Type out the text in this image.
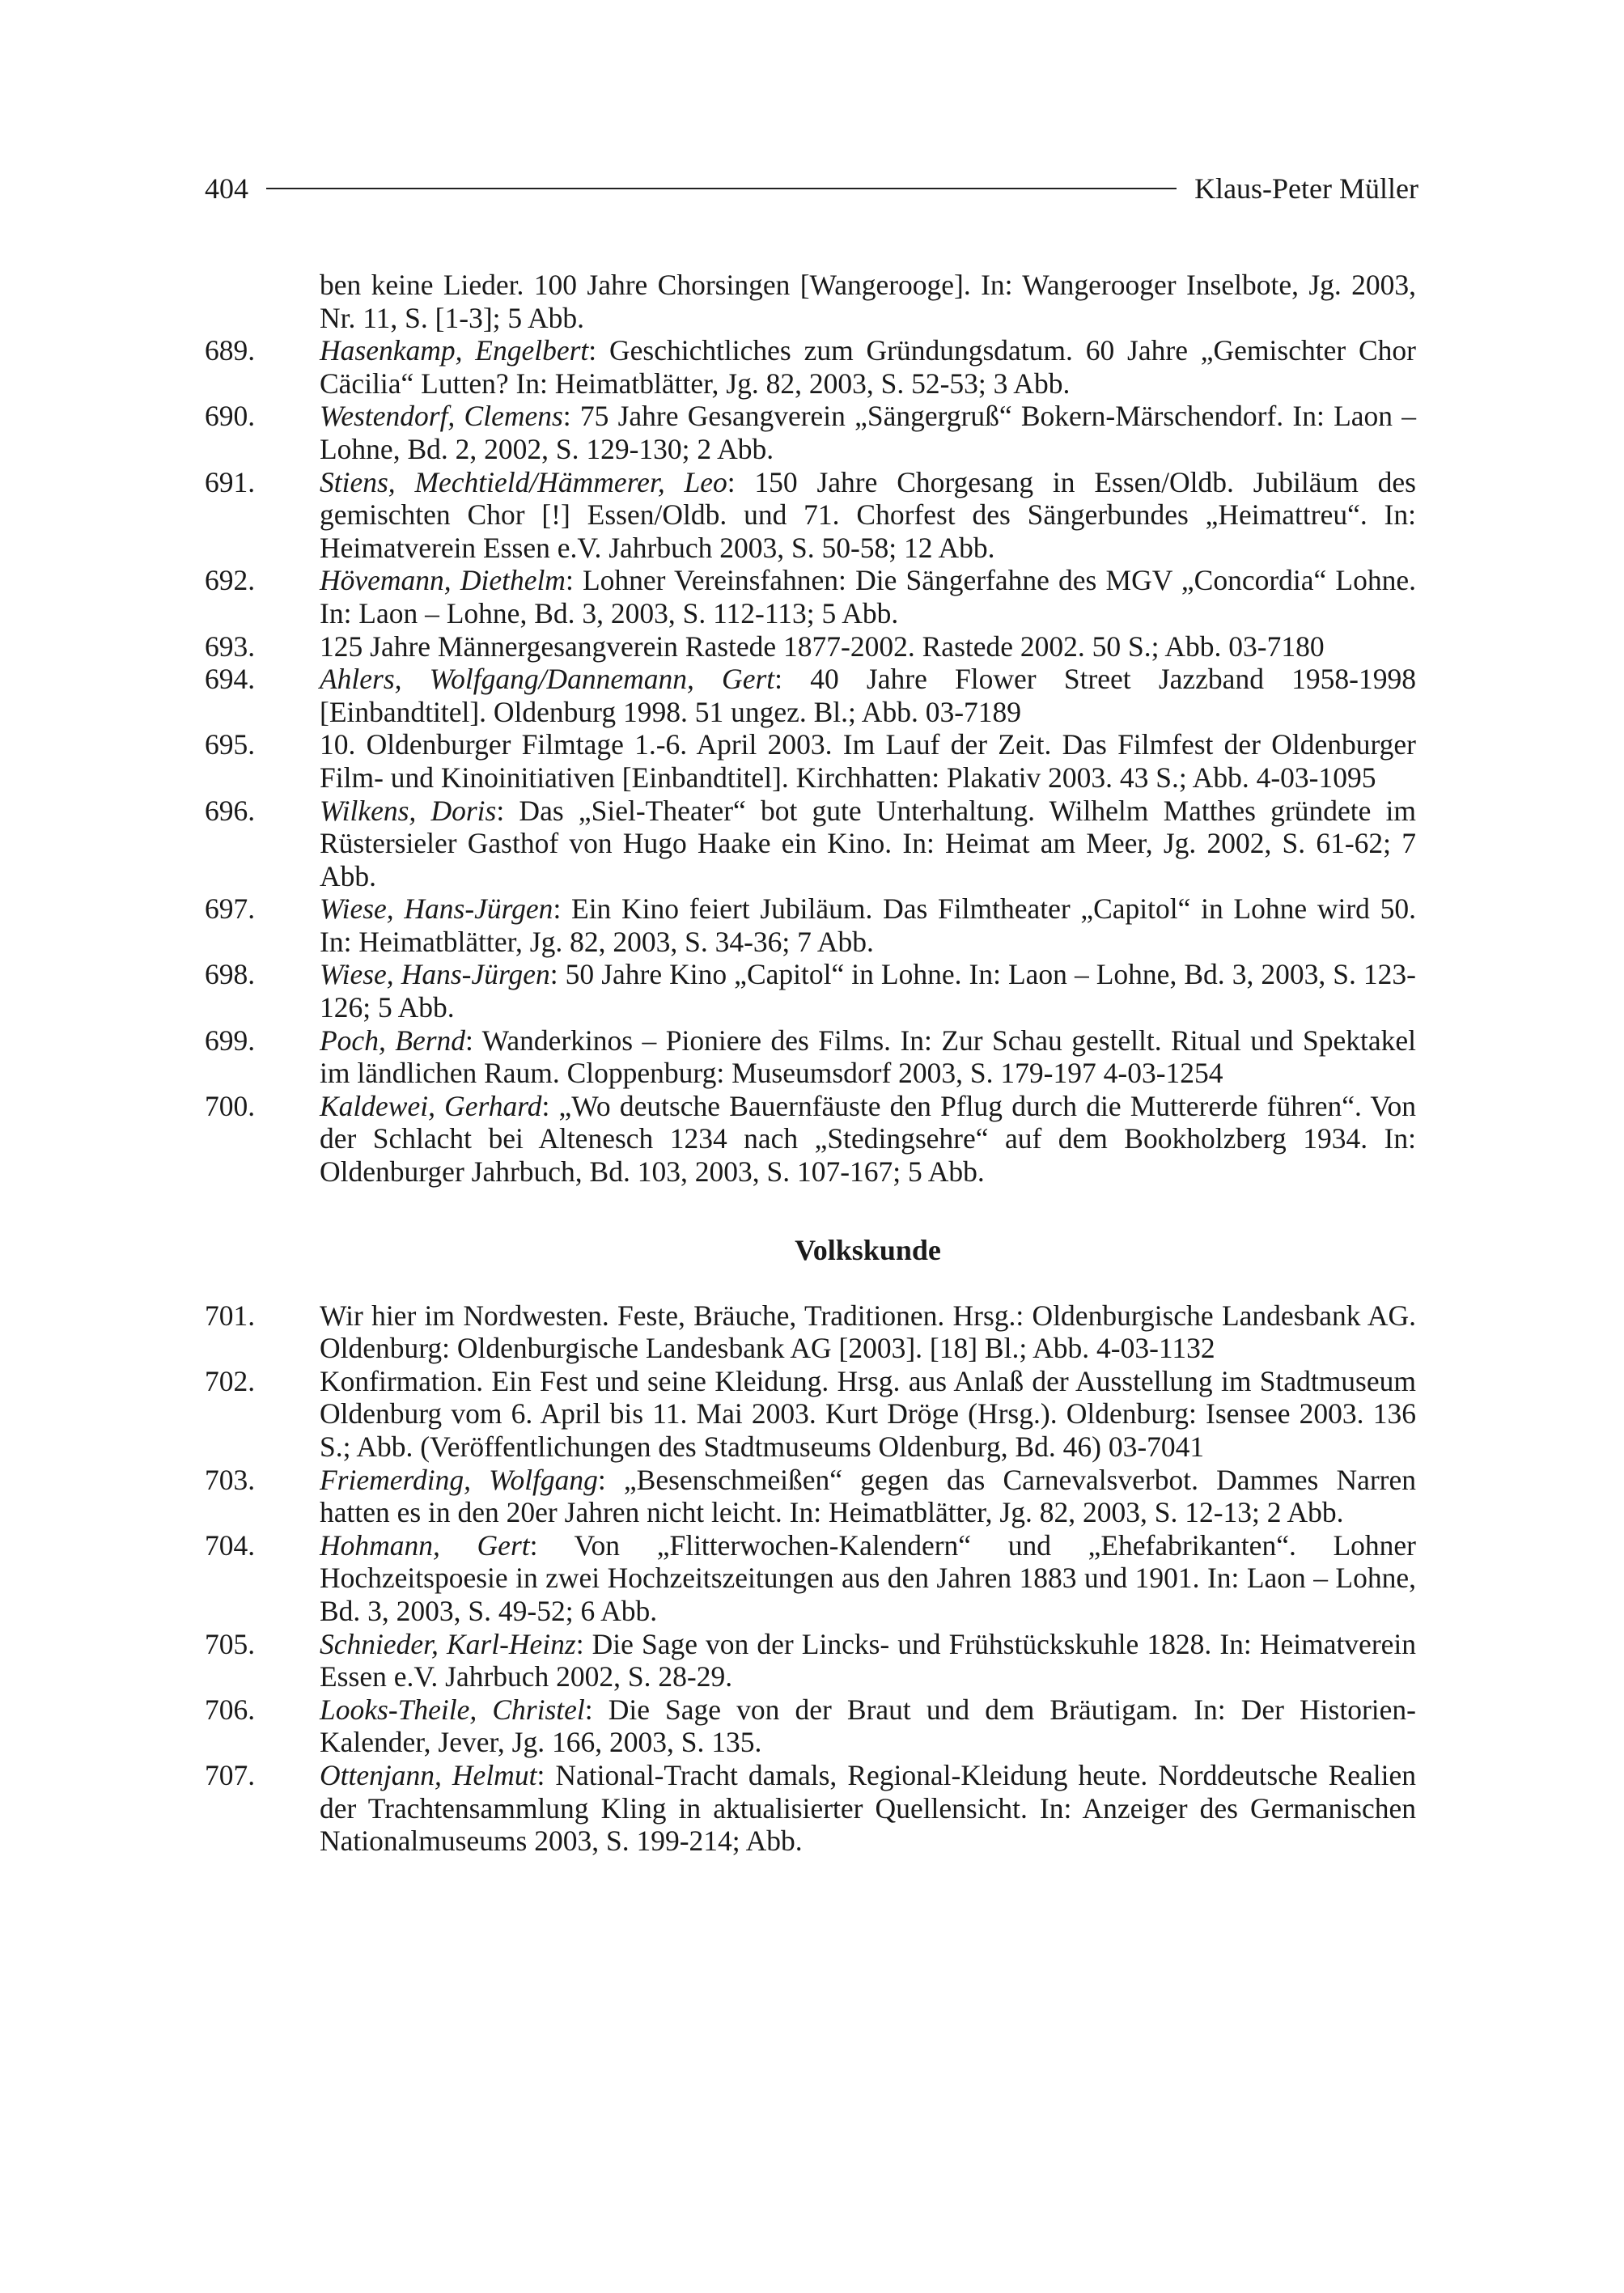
404	Klaus-Peter Müller
ben keine Lieder. 100 Jahre Chorsingen [Wangerooge]. In: Wangerooger Inselbote, Jg. 2003, Nr. 11, S. [1-3]; 5 Abb.
689. Hasenkamp, Engelbert: Geschichtliches zum Gründungsdatum. 60 Jahre „Gemischter Chor Cäcilia“ Lutten? In: Heimatblätter, Jg. 82, 2003, S. 52-53; 3 Abb.
690. Westendorf, Clemens: 75 Jahre Gesangverein „Sängergruß“ Bokern-Märschendorf. In: Laon – Lohne, Bd. 2, 2002, S. 129-130; 2 Abb.
691. Stiens, Mechtield/Hämmerer, Leo: 150 Jahre Chorgesang in Essen/Oldb. Jubiläum des gemischten Chor [!] Essen/Oldb. und 71. Chorfest des Sängerbundes „Heimattreu“. In: Heimatverein Essen e.V. Jahrbuch 2003, S. 50-58; 12 Abb.
692. Hövemann, Diethelm: Lohner Vereinsfahnen: Die Sängerfahne des MGV „Concordia“ Lohne. In: Laon – Lohne, Bd. 3, 2003, S. 112-113; 5 Abb.
693. 125 Jahre Männergesangverein Rastede 1877-2002. Rastede 2002. 50 S.; Abb. 03-7180
694. Ahlers, Wolfgang/Dannemann, Gert: 40 Jahre Flower Street Jazzband 1958-1998 [Einbandtitel]. Oldenburg 1998. 51 ungez. Bl.; Abb. 03-7189
695. 10. Oldenburger Filmtage 1.-6. April 2003. Im Lauf der Zeit. Das Filmfest der Oldenburger Film- und Kinoinitiativen [Einbandtitel]. Kirchhatten: Plakativ 2003. 43 S.; Abb. 4-03-1095
696. Wilkens, Doris: Das „Siel-Theater“ bot gute Unterhaltung. Wilhelm Matthes gründete im Rüstersieler Gasthof von Hugo Haake ein Kino. In: Heimat am Meer, Jg. 2002, S. 61-62; 7 Abb.
697. Wiese, Hans-Jürgen: Ein Kino feiert Jubiläum. Das Filmtheater „Capitol“ in Lohne wird 50. In: Heimatblätter, Jg. 82, 2003, S. 34-36; 7 Abb.
698. Wiese, Hans-Jürgen: 50 Jahre Kino „Capitol“ in Lohne. In: Laon – Lohne, Bd. 3, 2003, S. 123-126; 5 Abb.
699. Poch, Bernd: Wanderkinos – Pioniere des Films. In: Zur Schau gestellt. Ritual und Spektakel im ländlichen Raum. Cloppenburg: Museumsdorf 2003, S. 179-197 4-03-1254
700. Kaldewei, Gerhard: „Wo deutsche Bauernfäuste den Pflug durch die Muttererde führen“. Von der Schlacht bei Altenesch 1234 nach „Stedingsehre“ auf dem Bookholzberg 1934. In: Oldenburger Jahrbuch, Bd. 103, 2003, S. 107-167; 5 Abb.
Volkskunde
701. Wir hier im Nordwesten. Feste, Bräuche, Traditionen. Hrsg.: Oldenburgische Landesbank AG. Oldenburg: Oldenburgische Landesbank AG [2003]. [18] Bl.; Abb. 4-03-1132
702. Konfirmation. Ein Fest und seine Kleidung. Hrsg. aus Anlaß der Ausstellung im Stadtmuseum Oldenburg vom 6. April bis 11. Mai 2003. Kurt Dröge (Hrsg.). Oldenburg: Isensee 2003. 136 S.; Abb. (Veröffentlichungen des Stadtmuseums Oldenburg, Bd. 46) 03-7041
703. Friemerding, Wolfgang: „Besenschmeißen“ gegen das Carnevalsverbot. Dammes Narren hatten es in den 20er Jahren nicht leicht. In: Heimatblätter, Jg. 82, 2003, S. 12-13; 2 Abb.
704. Hohmann, Gert: Von „Flitterwochen-Kalendern“ und „Ehefabrikanten“. Lohner Hochzeitspoesie in zwei Hochzeitszeitungen aus den Jahren 1883 und 1901. In: Laon – Lohne, Bd. 3, 2003, S. 49-52; 6 Abb.
705. Schnieder, Karl-Heinz: Die Sage von der Lincks- und Frühstückskuhle 1828. In: Heimatverein Essen e.V. Jahrbuch 2002, S. 28-29.
706. Looks-Theile, Christel: Die Sage von der Braut und dem Bräutigam. In: Der Historien-Kalender, Jever, Jg. 166, 2003, S. 135.
707. Ottenjann, Helmut: National-Tracht damals, Regional-Kleidung heute. Norddeutsche Realien der Trachtensammlung Kling in aktualisierter Quellensicht. In: Anzeiger des Germanischen Nationalmuseums 2003, S. 199-214; Abb.
